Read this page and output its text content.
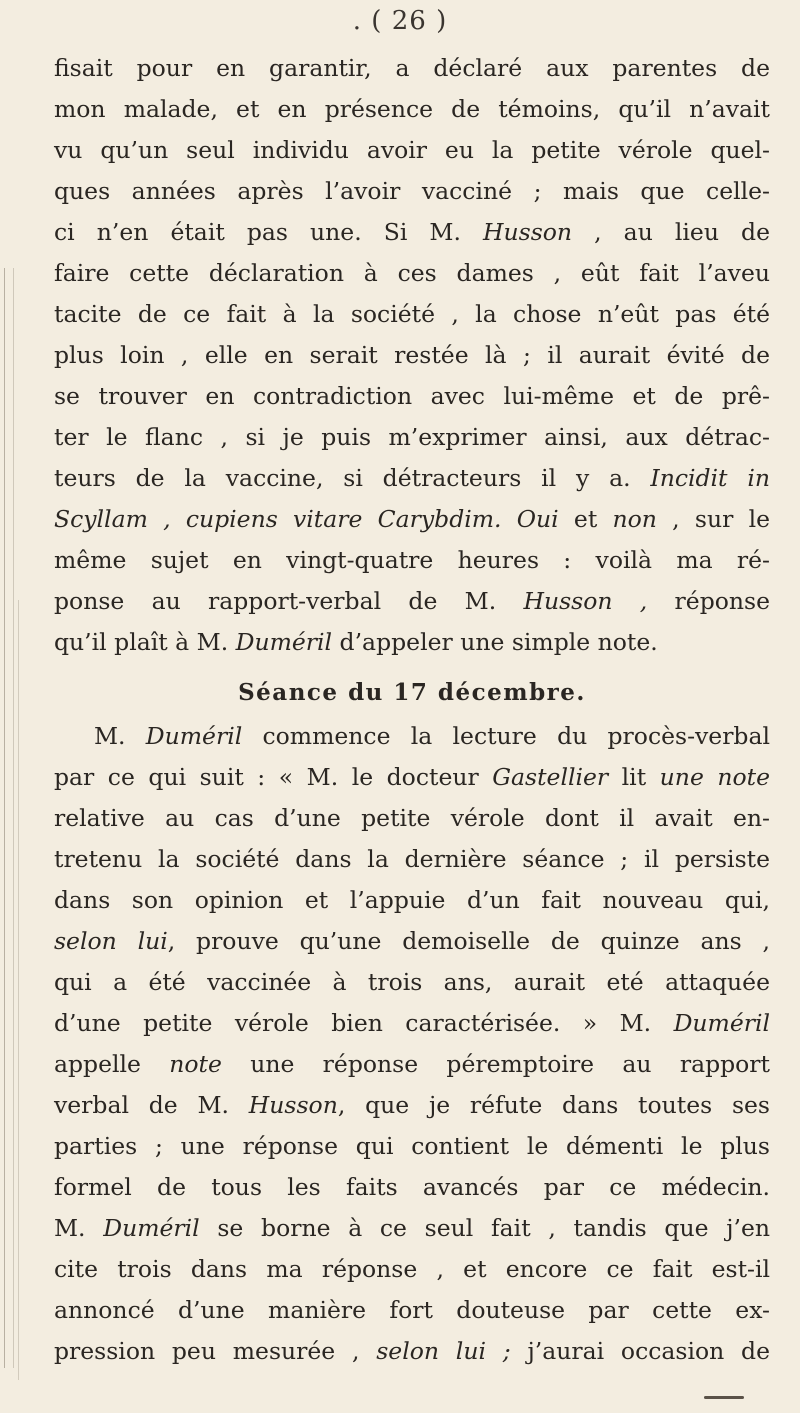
. ( 26 )
fisait pour en garantir, a déclaré aux parentes de
mon malade, et en présence de témoins, qu’il n’avait
vu qu’un seul individu avoir eu la petite vérole quel-
ques années après l’avoir vacciné ; mais que celle-
ci n’en était pas une. Si M. Husson , au lieu de
faire cette déclaration à ces dames , eût fait l’aveu
tacite de ce fait à la société , la chose n’eût pas été
plus loin , elle en serait restée là ; il aurait évité de
se trouver en contradiction avec lui-même et de prê-
ter le flanc , si je puis m’exprimer ainsi, aux détrac-
teurs de la vaccine, si détracteurs il y a. Incidit in
Scyllam , cupiens vitare Carybdim. Oui et non , sur le
même sujet en vingt-quatre heures : voilà ma ré-
ponse au rapport-verbal de M. Husson , réponse
qu’il plaît à M. Duméril d’appeler une simple note.
Séance du 17 décembre.
M. Duméril commence la lecture du procès-verbal
par ce qui suit : « M. le docteur Gastellier lit une note
relative au cas d’une petite vérole dont il avait en-
tretenu la société dans la dernière séance ; il persiste
dans son opinion et l’appuie d’un fait nouveau qui,
selon lui, prouve qu’une demoiselle de quinze ans ,
qui a été vaccinée à trois ans, aurait eté attaquée
d’une petite vérole bien caractérisée. » M. Duméril
appelle note une réponse péremptoire au rapport
verbal de M. Husson, que je réfute dans toutes ses
parties ; une réponse qui contient le démenti le plus
formel de tous les faits avancés par ce médecin.
M. Duméril se borne à ce seul fait , tandis que j’en
cite trois dans ma réponse , et encore ce fait est-il
annoncé d’une manière fort douteuse par cette ex-
pression peu mesurée , selon lui ; j’aurai occasion de
